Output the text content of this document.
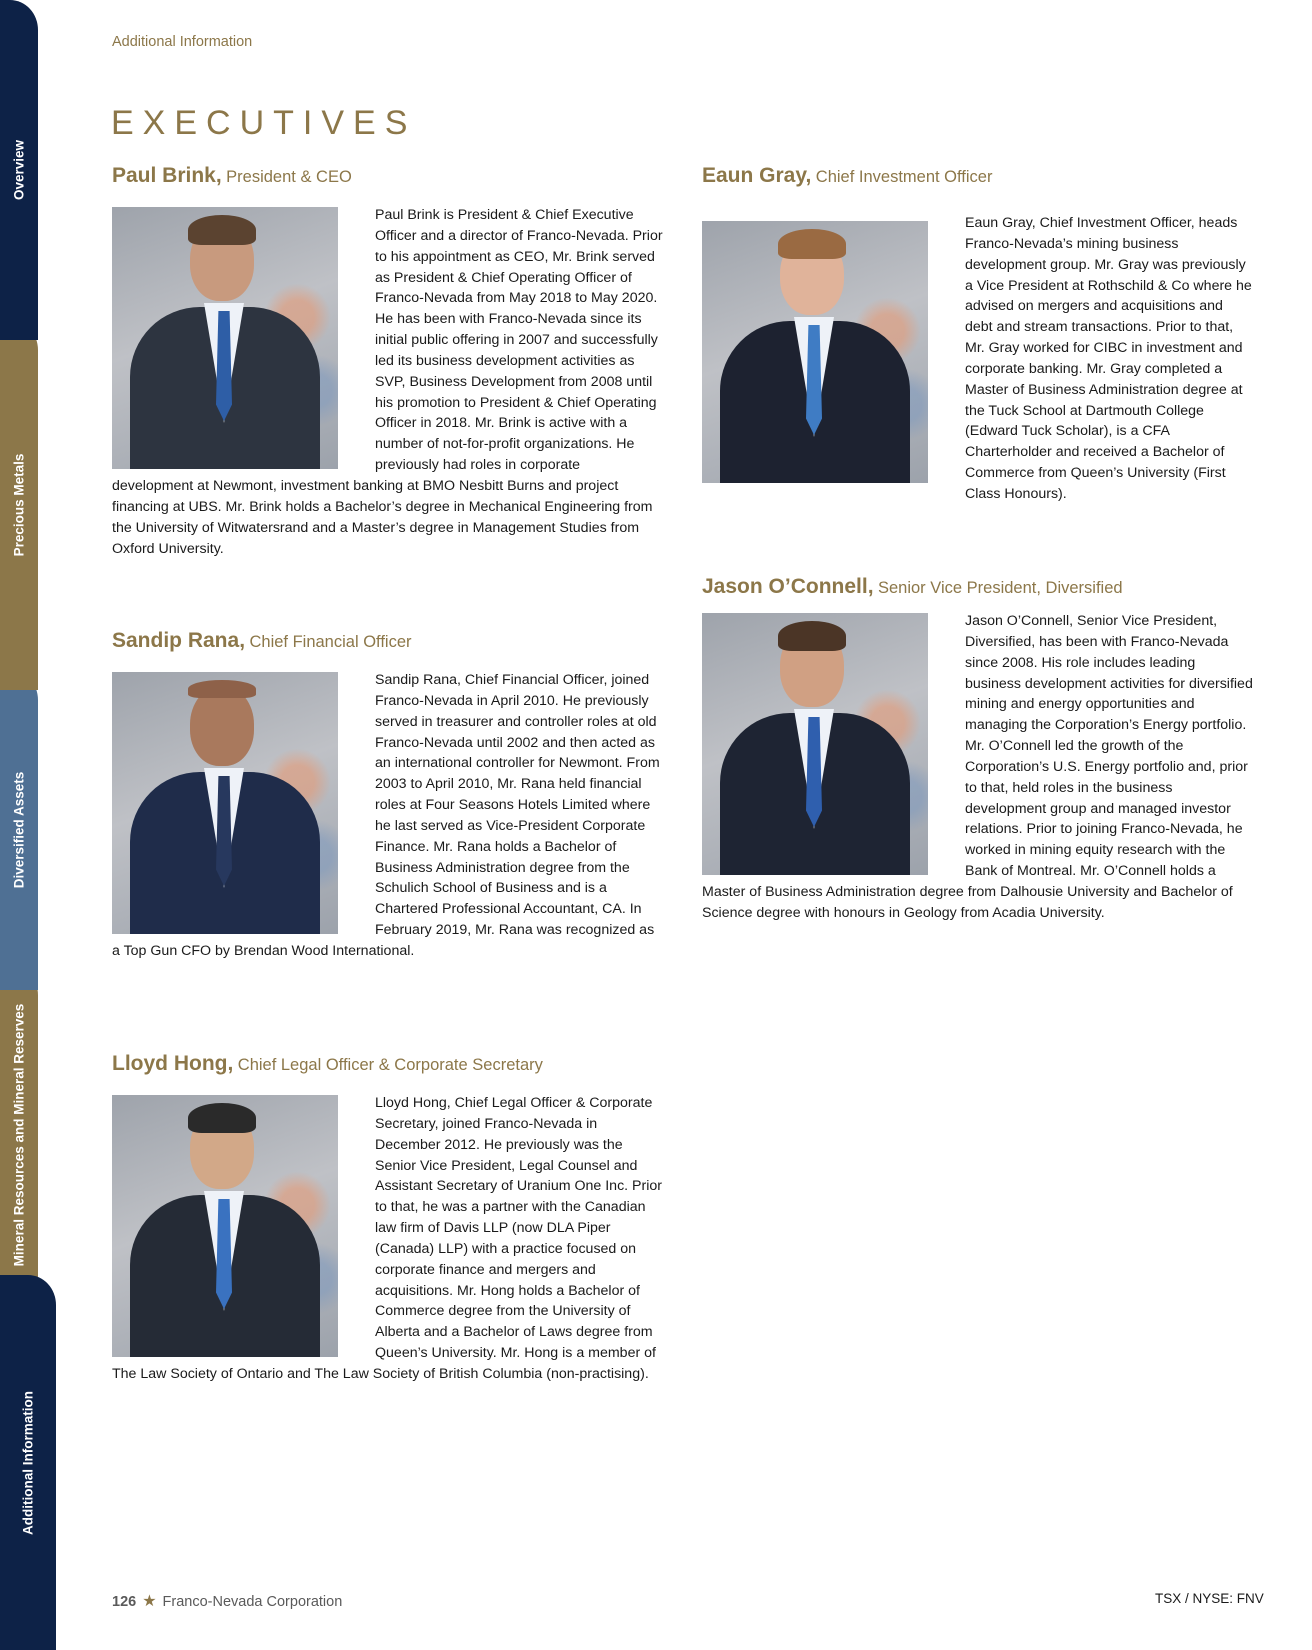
Overview
Precious Metals
Diversified Assets
Mineral Resources and Mineral Reserves
Additional Information
Additional Information
EXECUTIVES
Paul Brink, President & CEO
Paul Brink is President & Chief Executive Officer and a director of Franco-Nevada. Prior to his appointment as CEO, Mr. Brink served as President & Chief Operating Officer of Franco-Nevada from May 2018 to May 2020. He has been with Franco-Nevada since its initial public offering in 2007 and successfully led its business development activities as SVP, Business Development from 2008 until his promotion to President & Chief Operating Officer in 2018. Mr. Brink is active with a number of not-for-profit organizations. He previously had roles in corporate development at Newmont, investment banking at BMO Nesbitt Burns and project financing at UBS. Mr. Brink holds a Bachelor’s degree in Mechanical Engineering from the University of Witwatersrand and a Master’s degree in Management Studies from Oxford University.
Sandip Rana, Chief Financial Officer
Sandip Rana, Chief Financial Officer, joined Franco-Nevada in April 2010. He previously served in treasurer and controller roles at old Franco-Nevada until 2002 and then acted as an international controller for Newmont. From 2003 to April 2010, Mr. Rana held financial roles at Four Seasons Hotels Limited where he last served as Vice-President Corporate Finance. Mr. Rana holds a Bachelor of Business Administration degree from the Schulich School of Business and is a Chartered Professional Accountant, CA. In February 2019, Mr. Rana was recognized as a Top Gun CFO by Brendan Wood International.
Lloyd Hong, Chief Legal Officer & Corporate Secretary
Lloyd Hong, Chief Legal Officer & Corporate Secretary, joined Franco-Nevada in December 2012. He previously was the Senior Vice President, Legal Counsel and Assistant Secretary of Uranium One Inc. Prior to that, he was a partner with the Canadian law firm of Davis LLP (now DLA Piper (Canada) LLP) with a practice focused on corporate finance and mergers and acquisitions. Mr. Hong holds a Bachelor of Commerce degree from the University of Alberta and a Bachelor of Laws degree from Queen’s University. Mr. Hong is a member of The Law Society of Ontario and The Law Society of British Columbia (non-practising).
Eaun Gray, Chief Investment Officer
Eaun Gray, Chief Investment Officer, heads Franco-Nevada’s mining business development group. Mr. Gray was previously a Vice President at Rothschild & Co where he advised on mergers and acquisitions and debt and stream transactions. Prior to that, Mr. Gray worked for CIBC in investment and corporate banking. Mr. Gray completed a Master of Business Administration degree at the Tuck School at Dartmouth College (Edward Tuck Scholar), is a CFA Charterholder and received a Bachelor of Commerce from Queen’s University (First Class Honours).
Jason O’Connell, Senior Vice President, Diversified
Jason O’Connell, Senior Vice President, Diversified, has been with Franco-Nevada since 2008. His role includes leading business development activities for diversified mining and energy opportunities and managing the Corporation’s Energy portfolio. Mr. O’Connell led the growth of the Corporation’s U.S. Energy portfolio and, prior to that, held roles in the business development group and managed investor relations. Prior to joining Franco-Nevada, he worked in mining equity research with the Bank of Montreal. Mr. O’Connell holds a Master of Business Administration degree from Dalhousie University and Bachelor of Science degree with honours in Geology from Acadia University.
126 ★ Franco-Nevada Corporation	TSX / NYSE: FNV
